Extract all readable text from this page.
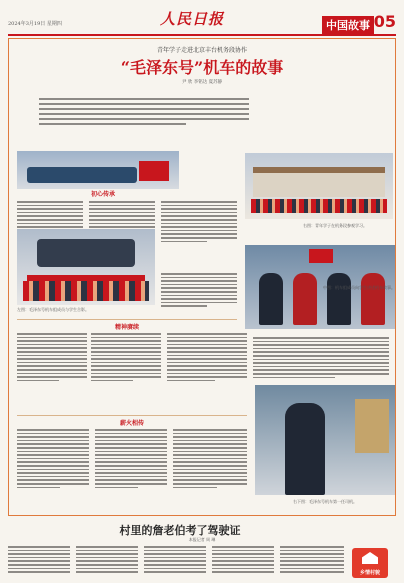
2024年3月19日 星期四	人民日报	中国故事 05
青年学子走进北京丰台机务段协作
“毛泽东号”机车的故事
尹 欣 李铭达 夏苏静
右图：青年学子在机务段参观学习。
初心传承
左图：毛泽东号机车组成员与学生合影。
中图：机车组成员向学生讲述机车故事。
精神赓续
薪火相传
右下图：毛泽东号机车第一任司机。
村里的詹老伯考了驾驶证
本报记者 周 琳
乡情村貌
